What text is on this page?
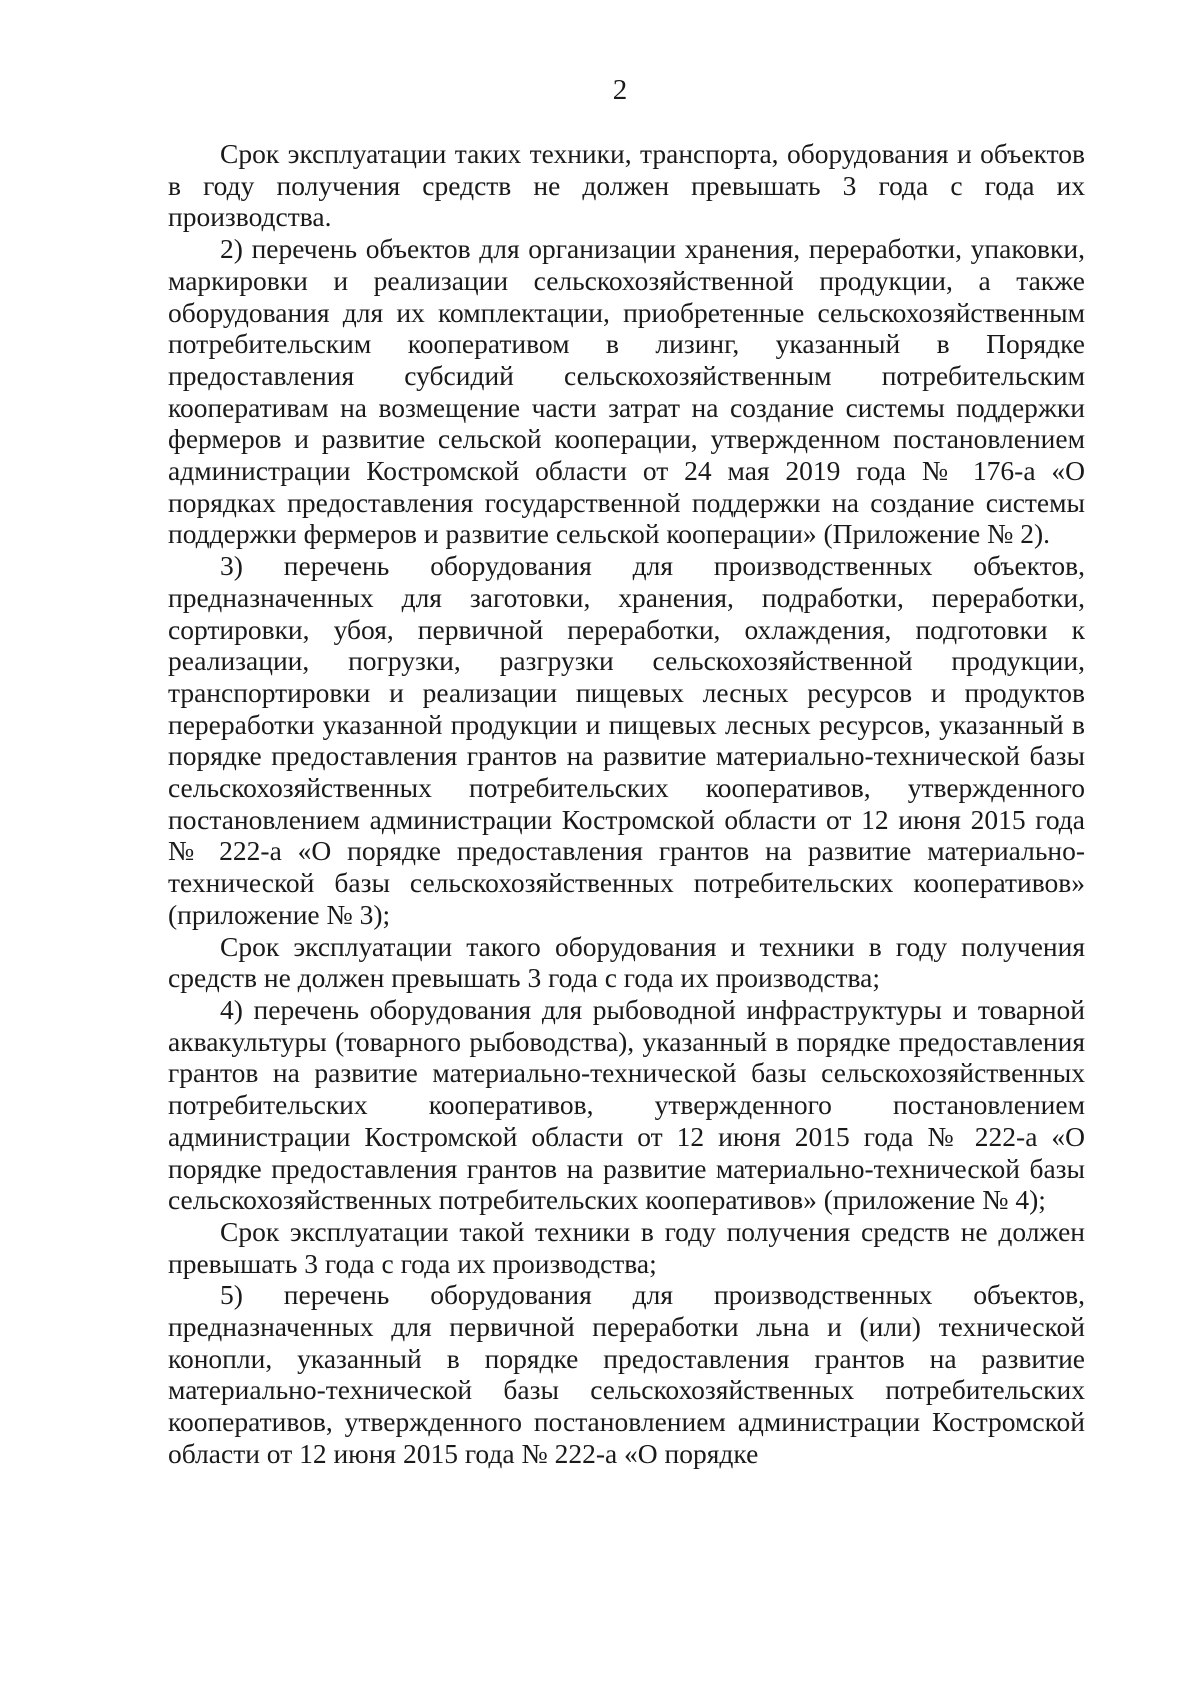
2

Срок эксплуатации таких техники, транспорта, оборудования и объектов в году получения средств не должен превышать 3 года с года их производства.

2) перечень объектов для организации хранения, переработки, упаковки, маркировки и реализации сельскохозяйственной продукции, а также оборудования для их комплектации, приобретенные сельскохозяйственным потребительским кооперативом в лизинг, указанный в Порядке предоставления субсидий сельскохозяйственным потребительским кооперативам на возмещение части затрат на создание системы поддержки фермеров и развитие сельской кооперации, утвержденном постановлением администрации Костромской области от 24 мая 2019 года № 176-а «О порядках предоставления государственной поддержки на создание системы поддержки фермеров и развитие сельской кооперации» (Приложение № 2).

3) перечень оборудования для производственных объектов, предназначенных для заготовки, хранения, подработки, переработки, сортировки, убоя, первичной переработки, охлаждения, подготовки к реализации, погрузки, разгрузки сельскохозяйственной продукции, транспортировки и реализации пищевых лесных ресурсов и продуктов переработки указанной продукции и пищевых лесных ресурсов, указанный в порядке предоставления грантов на развитие материально-технической базы сельскохозяйственных потребительских кооперативов, утвержденного постановлением администрации Костромской области от 12 июня 2015 года № 222-а «О порядке предоставления грантов на развитие материально-технической базы сельскохозяйственных потребительских кооперативов» (приложение № 3);

Срок эксплуатации такого оборудования и техники в году получения средств не должен превышать 3 года с года их производства;

4) перечень оборудования для рыбоводной инфраструктуры и товарной аквакультуры (товарного рыбоводства), указанный в порядке предоставления грантов на развитие материально-технической базы сельскохозяйственных потребительских кооперативов, утвержденного постановлением администрации Костромской области от 12 июня 2015 года № 222-а «О порядке предоставления грантов на развитие материально-технической базы сельскохозяйственных потребительских кооперативов» (приложение № 4);

Срок эксплуатации такой техники в году получения средств не должен превышать 3 года с года их производства;

5) перечень оборудования для производственных объектов, предназначенных для первичной переработки льна и (или) технической конопли, указанный в порядке предоставления грантов на развитие материально-технической базы сельскохозяйственных потребительских кооперативов, утвержденного постановлением администрации Костромской области от 12 июня 2015 года № 222-а «О порядке
